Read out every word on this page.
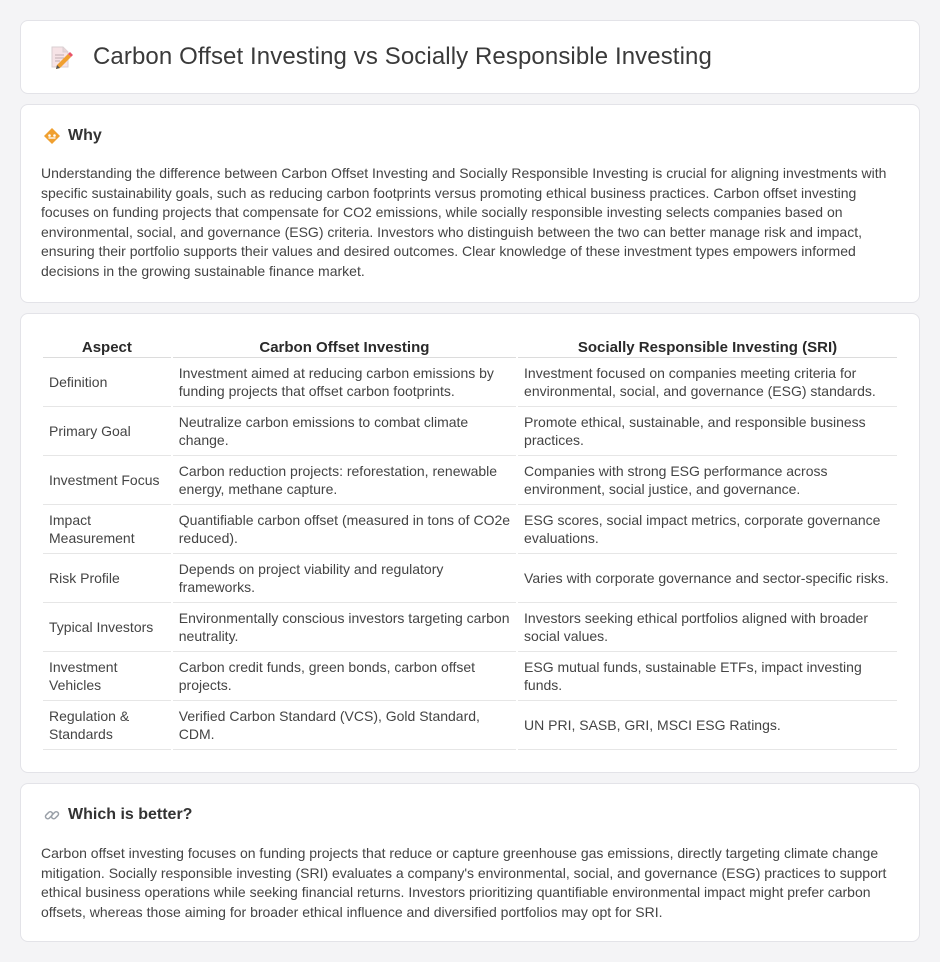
Carbon Offset Investing vs Socially Responsible Investing
Why

Understanding the difference between Carbon Offset Investing and Socially Responsible Investing is crucial for aligning investments with specific sustainability goals, such as reducing carbon footprints versus promoting ethical business practices. Carbon offset investing focuses on funding projects that compensate for CO2 emissions, while socially responsible investing selects companies based on environmental, social, and governance (ESG) criteria. Investors who distinguish between the two can better manage risk and impact, ensuring their portfolio supports their values and desired outcomes. Clear knowledge of these investment types empowers informed decisions in the growing sustainable finance market.

Aspect	Carbon Offset Investing	Socially Responsible Investing (SRI)
Definition	Investment aimed at reducing carbon emissions by funding projects that offset carbon footprints.	Investment focused on companies meeting criteria for environmental, social, and governance (ESG) standards.
Primary Goal	Neutralize carbon emissions to combat climate change.	Promote ethical, sustainable, and responsible business practices.
Investment Focus	Carbon reduction projects: reforestation, renewable energy, methane capture.	Companies with strong ESG performance across environment, social justice, and governance.
Impact Measurement	Quantifiable carbon offset (measured in tons of CO2e reduced).	ESG scores, social impact metrics, corporate governance evaluations.
Risk Profile	Depends on project viability and regulatory frameworks.	Varies with corporate governance and sector-specific risks.
Typical Investors	Environmentally conscious investors targeting carbon neutrality.	Investors seeking ethical portfolios aligned with broader social values.
Investment Vehicles	Carbon credit funds, green bonds, carbon offset projects.	ESG mutual funds, sustainable ETFs, impact investing funds.
Regulation & Standards	Verified Carbon Standard (VCS), Gold Standard, CDM.	UN PRI, SASB, GRI, MSCI ESG Ratings.
Which is better?

Carbon offset investing focuses on funding projects that reduce or capture greenhouse gas emissions, directly targeting climate change mitigation. Socially responsible investing (SRI) evaluates a company's environmental, social, and governance (ESG) practices to support ethical business operations while seeking financial returns. Investors prioritizing quantifiable environmental impact might prefer carbon offsets, whereas those aiming for broader ethical influence and diversified portfolios may opt for SRI.
